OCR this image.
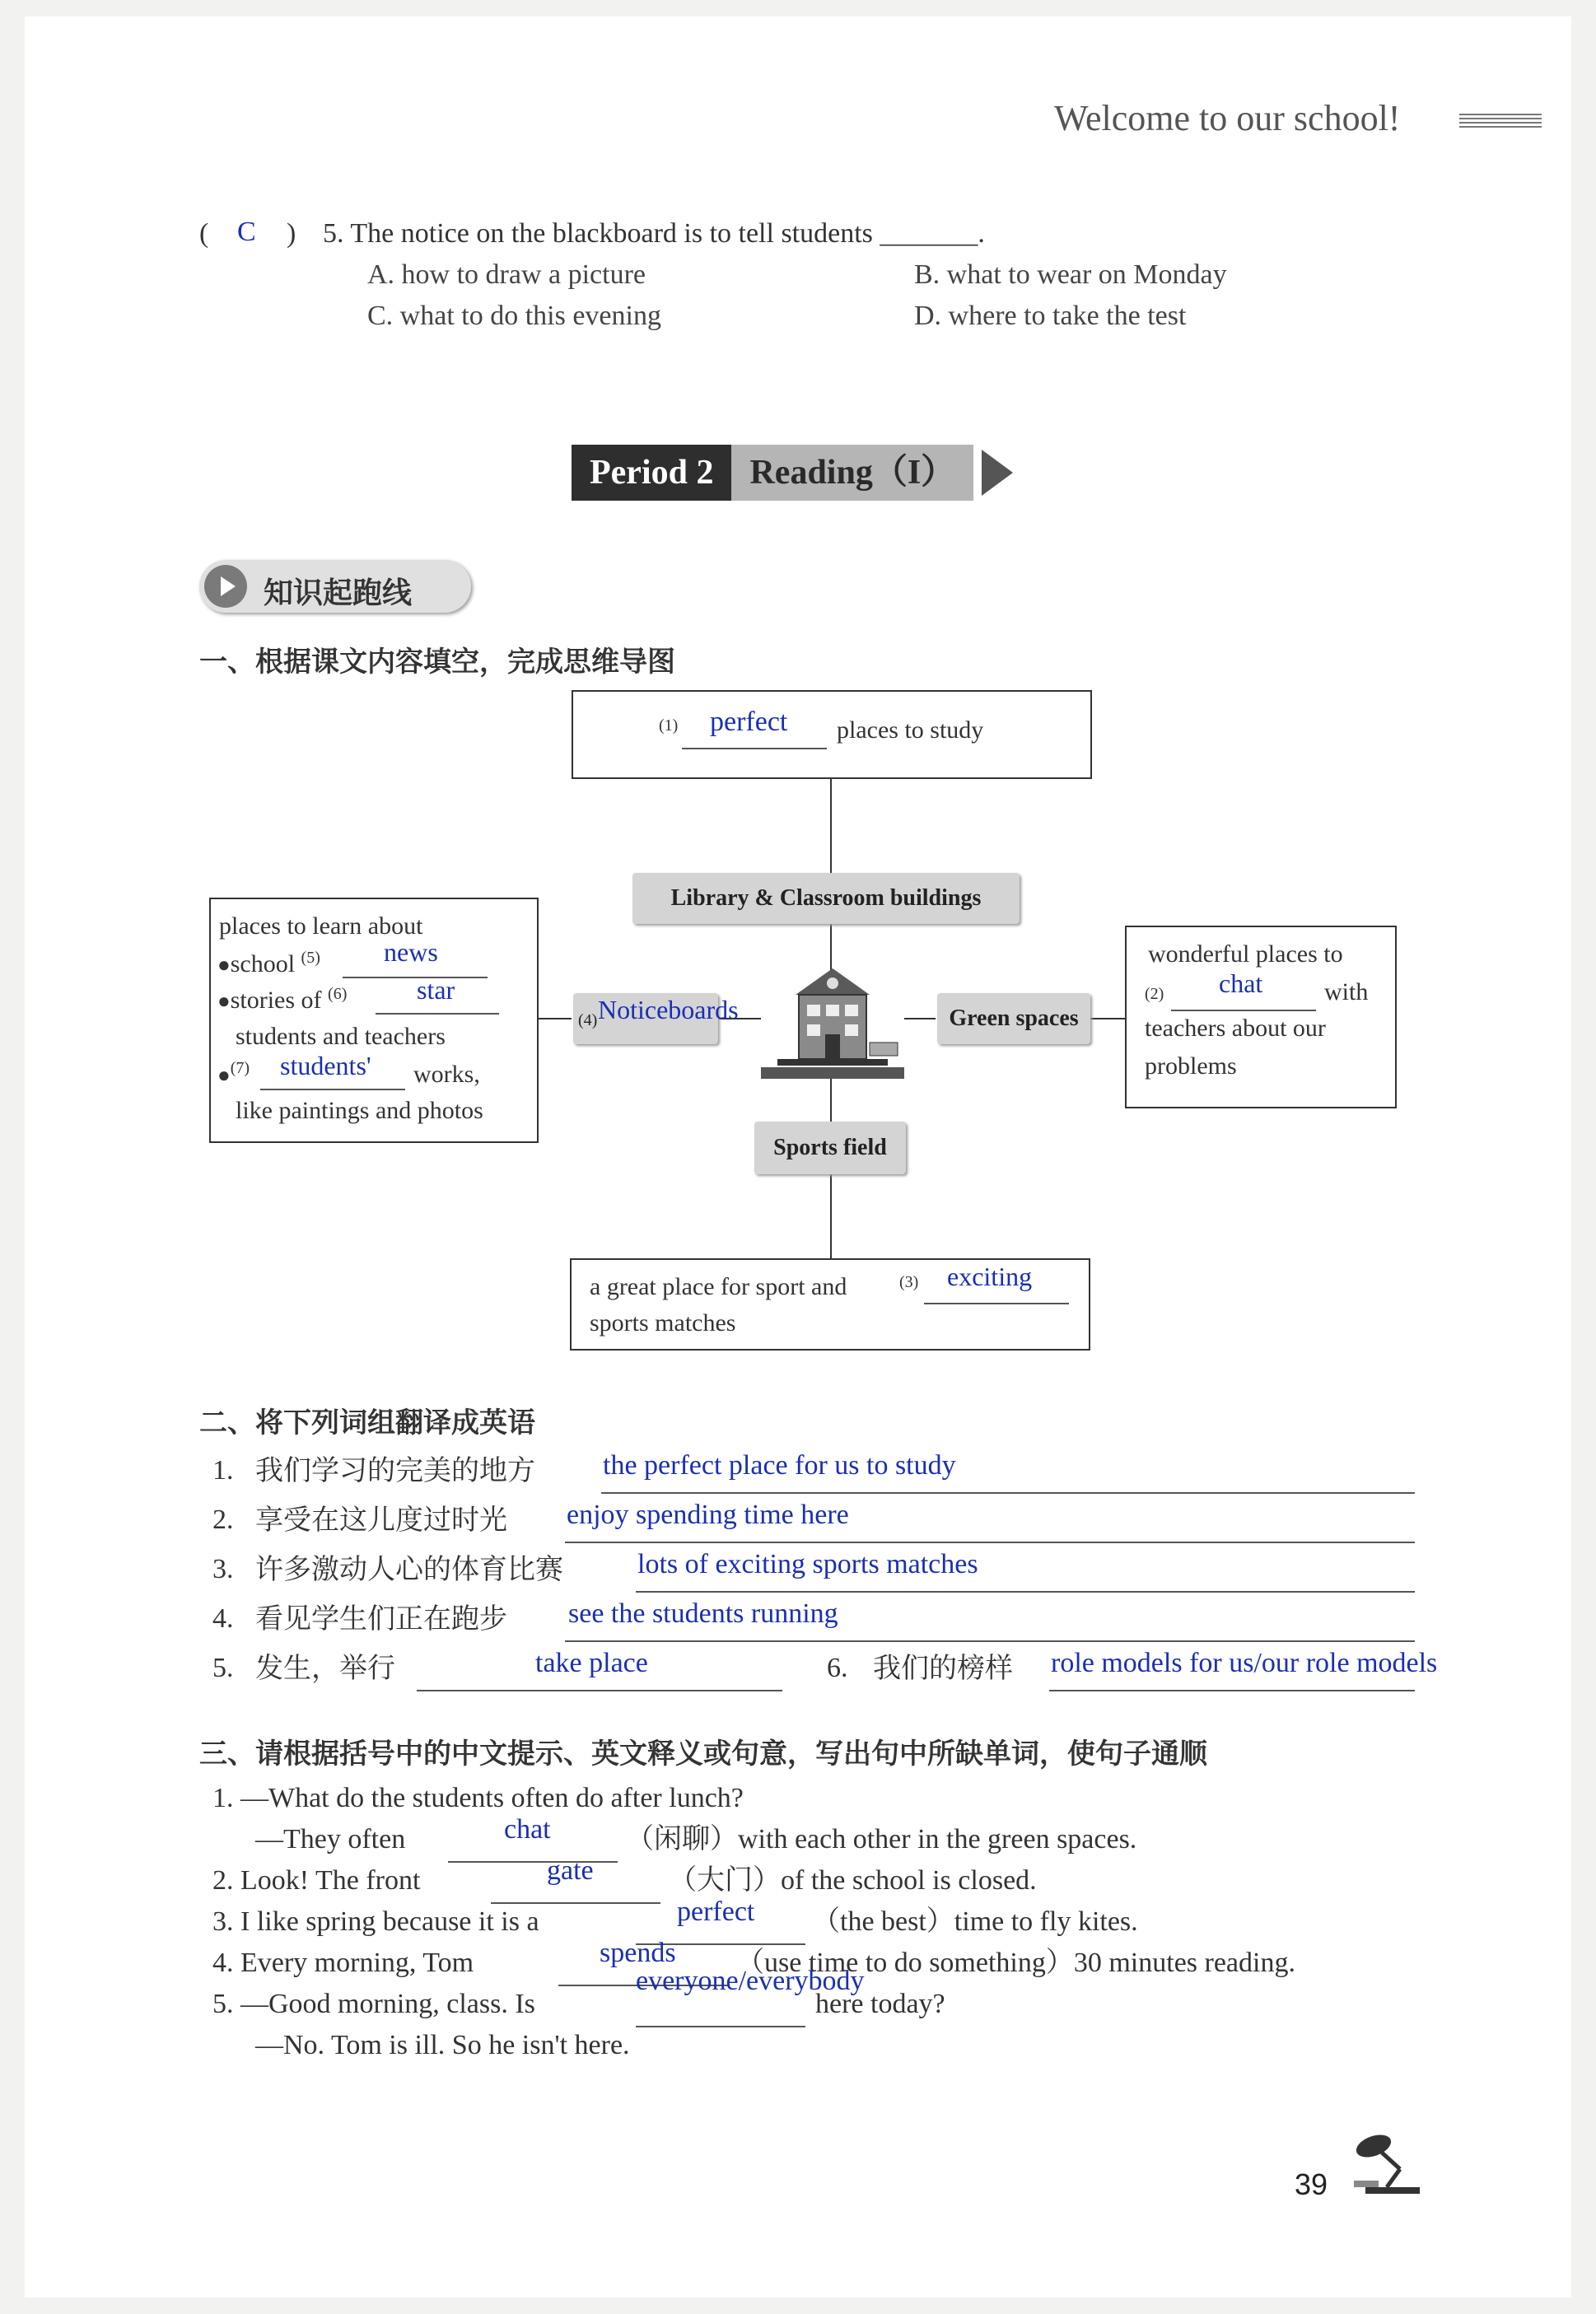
Welcome to our school!
( C ) 5. The notice on the blackboard is to tell students _______.
A. how to draw a picture	B. what to wear on Monday
C. what to do this evening	D. where to take the test
Period 2	Reading（I）
知识起跑线
一、根据课文内容填空，完成思维导图
(1) perfect places to study
Library & Classroom buildings
places to learn about
● school $^{(5)}$ news
● stories of $^{(6)}$	star
students and teachers
● $^{(7)}$ students' works,
like paintings and photos
(4) Noticeboards	Green spaces
wonderful places to
(2) chat with
teachers about our
problems
Sports field
a great place for sport and	(3) exciting
sports matches
二、将下列词组翻译成英语
1. 我们学习的完美的地方 the perfect place for us to study
2. 享受在这儿度过时光 enjoy spending time here
3. 许多激动人心的体育比赛	lots of exciting sports matches
4. 看见学生们正在跑步 see the students running
5. 发生，举行	take place	6. 我们的榜样 role models for us/our role models
三、请根据括号中的中文提示、英文释义或句意，写出句中所缺单词，使句子通顺
1. —What do the students often do after lunch?
—They often	chat	（闲聊）with each other in the green spaces.
2. Look! The front	gate	（大门）of the school is closed.
3. I like spring because it is a	perfect （the best）time to fly kites.
4. Every morning, Tom	spends （use time to do something）30 minutes reading.
5. —Good morning, class. Is
everyone/everybody
here today?
—No. Tom is ill. So he isn't here.
39
